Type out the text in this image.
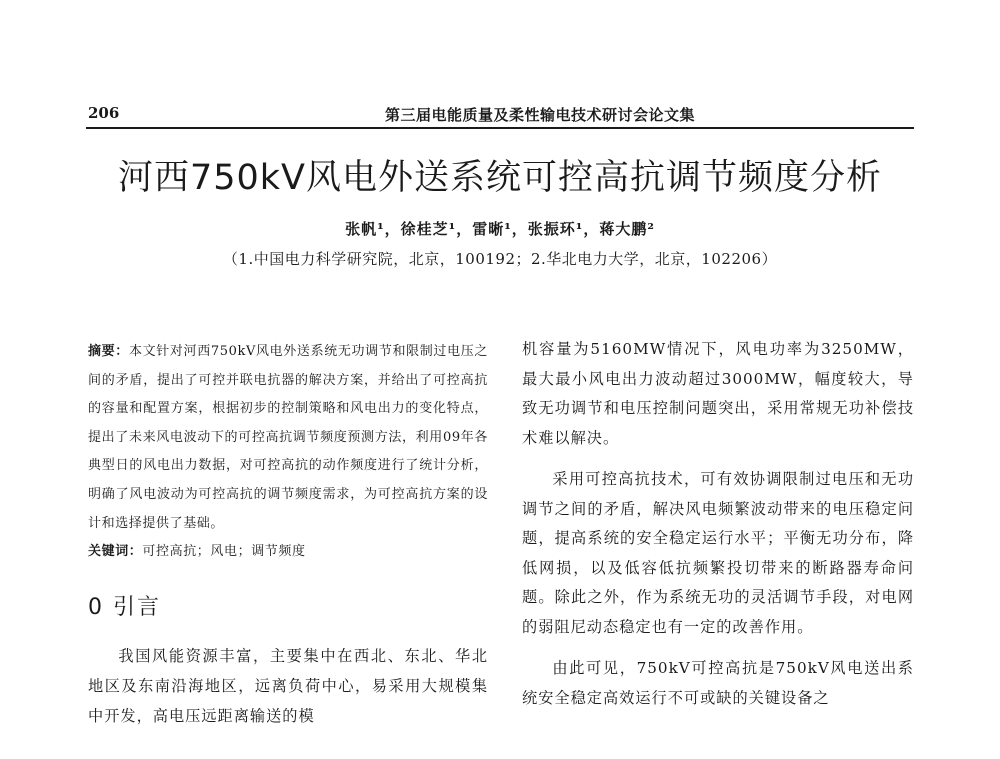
206	第三届电能质量及柔性输电技术研讨会论文集
河西750kV风电外送系统可控高抗调节频度分析
张帆¹，徐桂芝¹，雷晰¹，张振环¹，蒋大鹏²
（1.中国电力科学研究院，北京，100192；2.华北电力大学，北京，102206）

摘要：本文针对河西750kV风电外送系统无功调节和限制过电压之间的矛盾，提出了可控并联电抗器的解决方案，并给出了可控高抗的容量和配置方案，根据初步的控制策略和风电出力的变化特点，提出了未来风电波动下的可控高抗调节频度预测方法，利用09年各典型日的风电出力数据，对可控高抗的动作频度进行了统计分析，明确了风电波动为可控高抗的调节频度需求，为可控高抗方案的设计和选择提供了基础。

关键词：可控高抗；风电；调节频度

0 引言

我国风能资源丰富，主要集中在西北、东北、华北地区及东南沿海地区，远离负荷中心，易采用大规模集中开发，高电压远距离输送的模

机容量为5160MW情况下，风电功率为3250MW，最大最小风电出力波动超过3000MW，幅度较大，导致无功调节和电压控制问题突出，采用常规无功补偿技术难以解决。

采用可控高抗技术，可有效协调限制过电压和无功调节之间的矛盾，解决风电频繁波动带来的电压稳定问题，提高系统的安全稳定运行水平；平衡无功分布，降低网损，以及低容低抗频繁投切带来的断路器寿命问题。除此之外，作为系统无功的灵活调节手段，对电网的弱阻尼动态稳定也有一定的改善作用。

由此可见，750kV可控高抗是750kV风电送出系统安全稳定高效运行不可或缺的关键设备之
